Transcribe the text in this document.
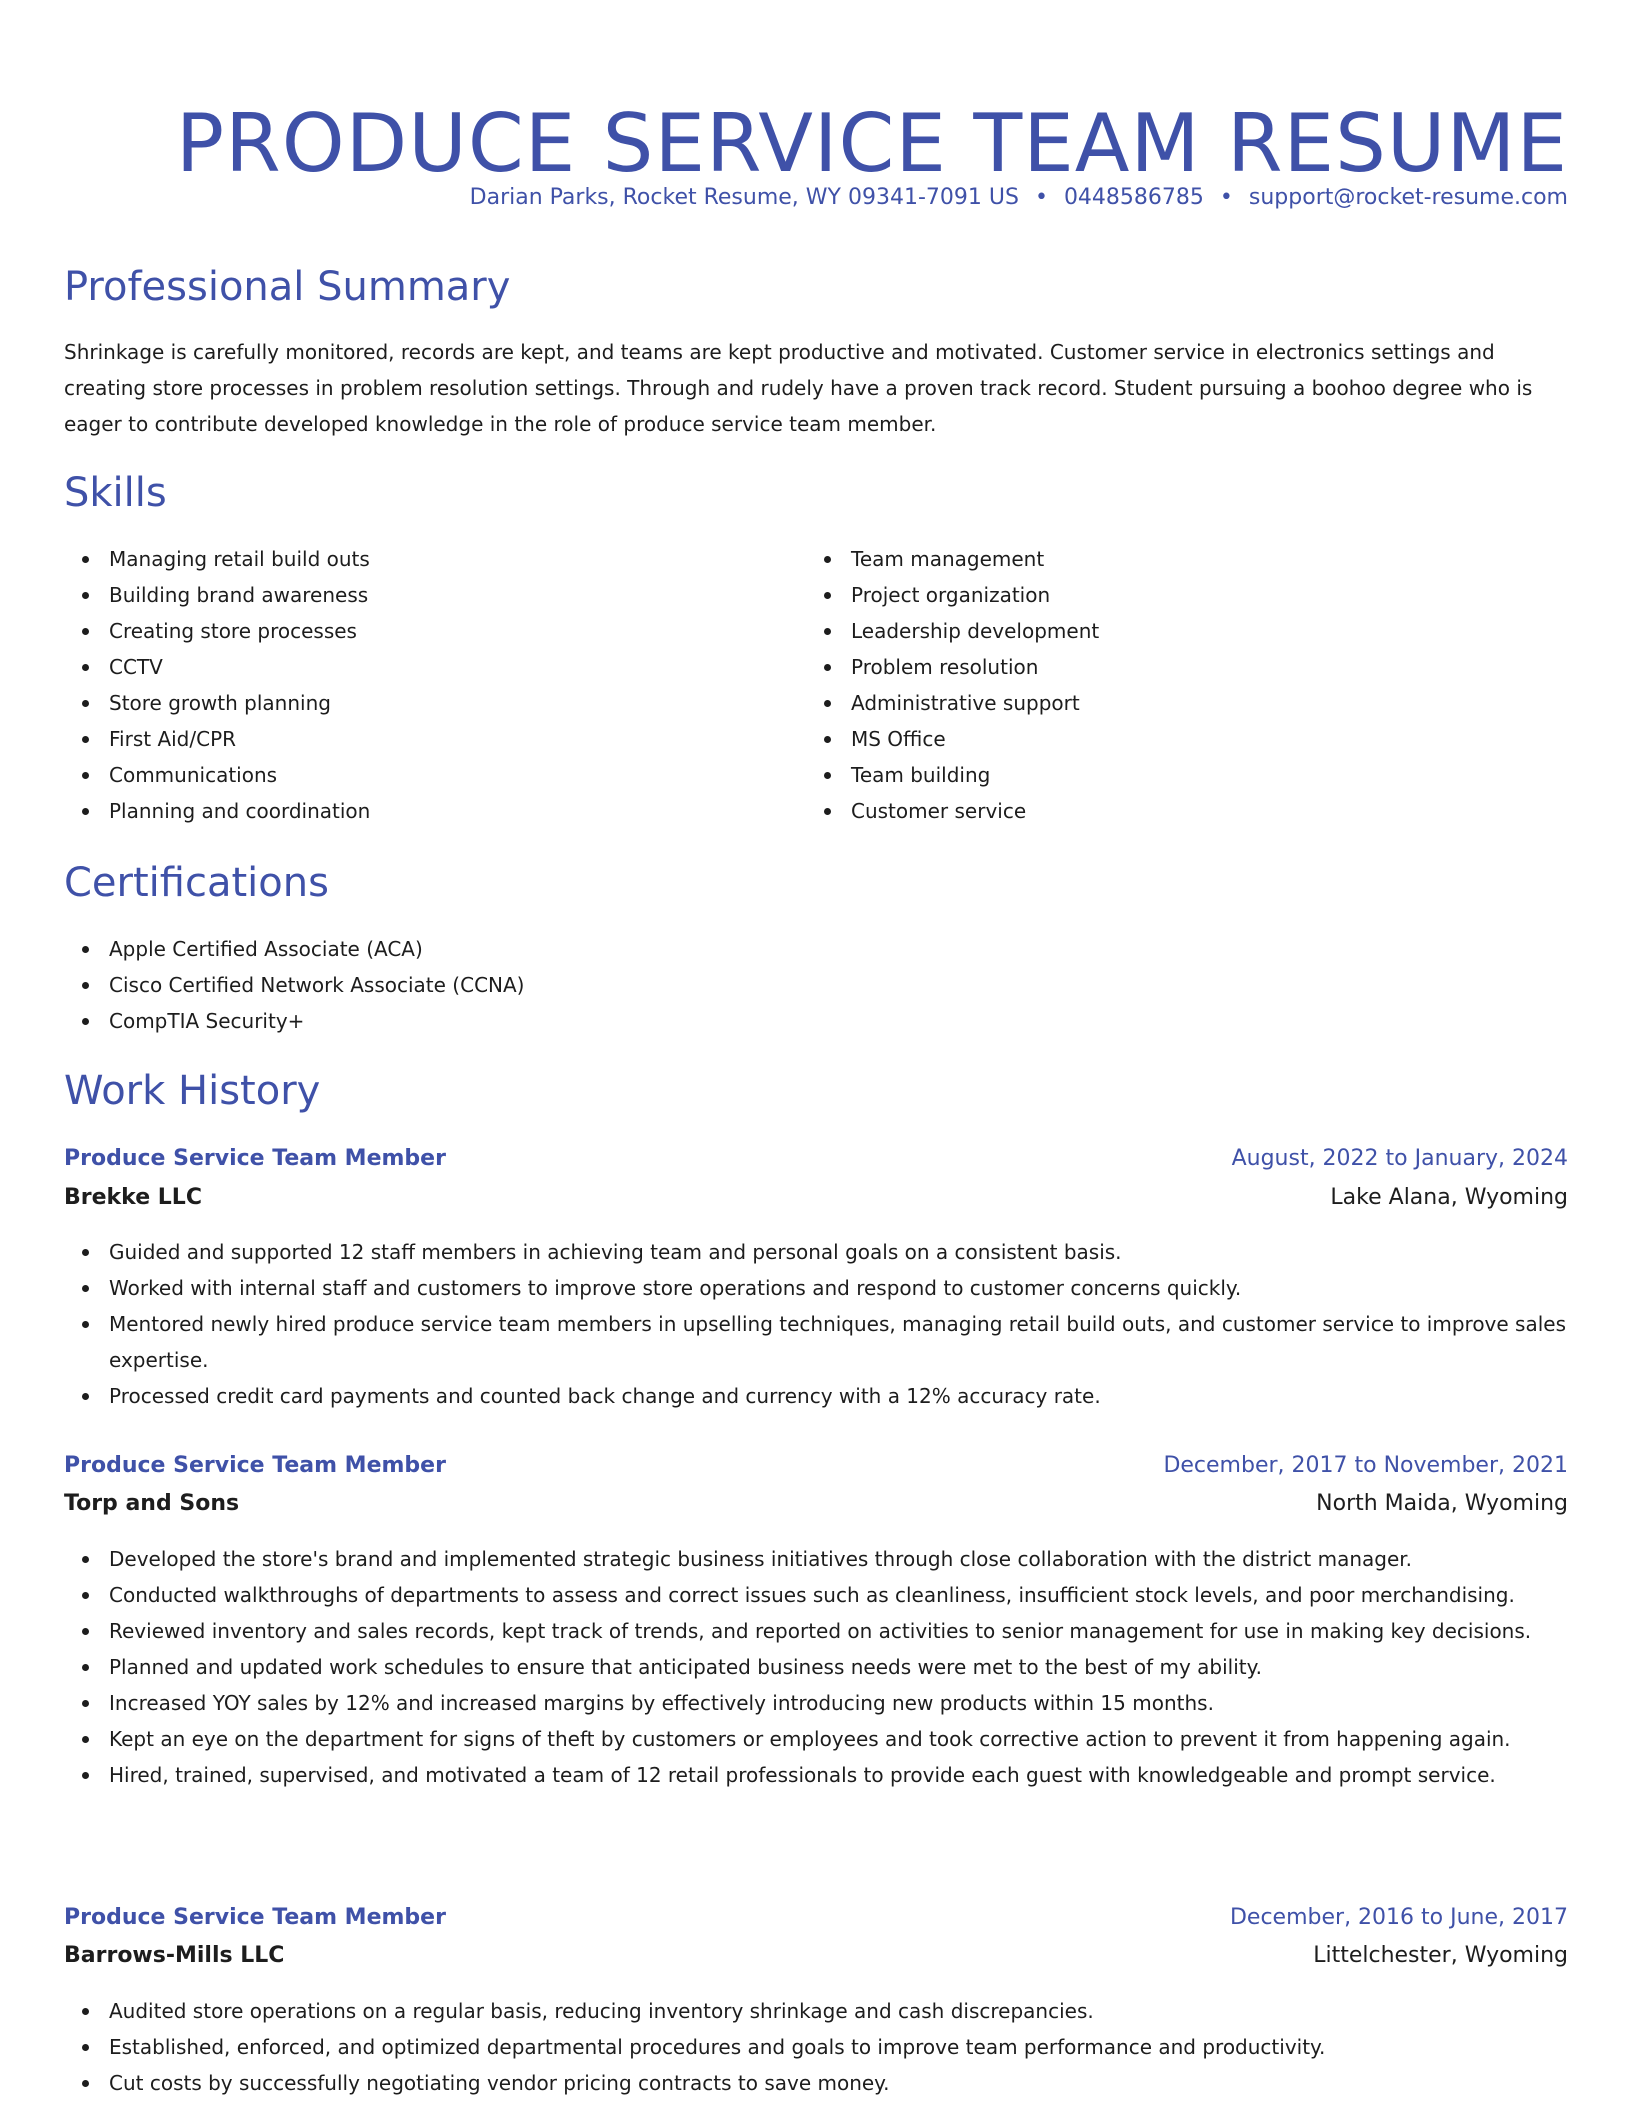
PRODUCE SERVICE TEAM RESUME
Darian Parks, Rocket Resume, WY 09341-7091 US • 0448586785 • support@rocket-resume.com
Professional Summary

Shrinkage is carefully monitored, records are kept, and teams are kept productive and motivated. Customer service in electronics settings and creating store processes in problem resolution settings. Through and rudely have a proven track record. Student pursuing a boohoo degree who is eager to contribute developed knowledge in the role of produce service team member.

Skills
Managing retail build outs
Building brand awareness
Creating store processes
CCTV
Store growth planning
First Aid/CPR
Communications
Planning and coordination
Team management
Project organization
Leadership development
Problem resolution
Administrative support
MS Office
Team building
Customer service
Certifications
Apple Certified Associate (ACA)
Cisco Certified Network Associate (CCNA)
CompTIA Security+
Work History
Produce Service Team Member	August, 2022 to January, 2024
Brekke LLC	Lake Alana, Wyoming
Guided and supported 12 staff members in achieving team and personal goals on a consistent basis.
Worked with internal staff and customers to improve store operations and respond to customer concerns quickly.
Mentored newly hired produce service team members in upselling techniques, managing retail build outs, and customer service to improve sales expertise.
Processed credit card payments and counted back change and currency with a 12% accuracy rate.
Produce Service Team Member	December, 2017 to November, 2021
Torp and Sons	North Maida, Wyoming
Developed the store's brand and implemented strategic business initiatives through close collaboration with the district manager.
Conducted walkthroughs of departments to assess and correct issues such as cleanliness, insufficient stock levels, and poor merchandising.
Reviewed inventory and sales records, kept track of trends, and reported on activities to senior management for use in making key decisions.
Planned and updated work schedules to ensure that anticipated business needs were met to the best of my ability.
Increased YOY sales by 12% and increased margins by effectively introducing new products within 15 months.
Kept an eye on the department for signs of theft by customers or employees and took corrective action to prevent it from happening again.
Hired, trained, supervised, and motivated a team of 12 retail professionals to provide each guest with knowledgeable and prompt service.
Produce Service Team Member	December, 2016 to June, 2017
Barrows-Mills LLC	Littelchester, Wyoming
Audited store operations on a regular basis, reducing inventory shrinkage and cash discrepancies.
Established, enforced, and optimized departmental procedures and goals to improve team performance and productivity.
Cut costs by successfully negotiating vendor pricing contracts to save money.
